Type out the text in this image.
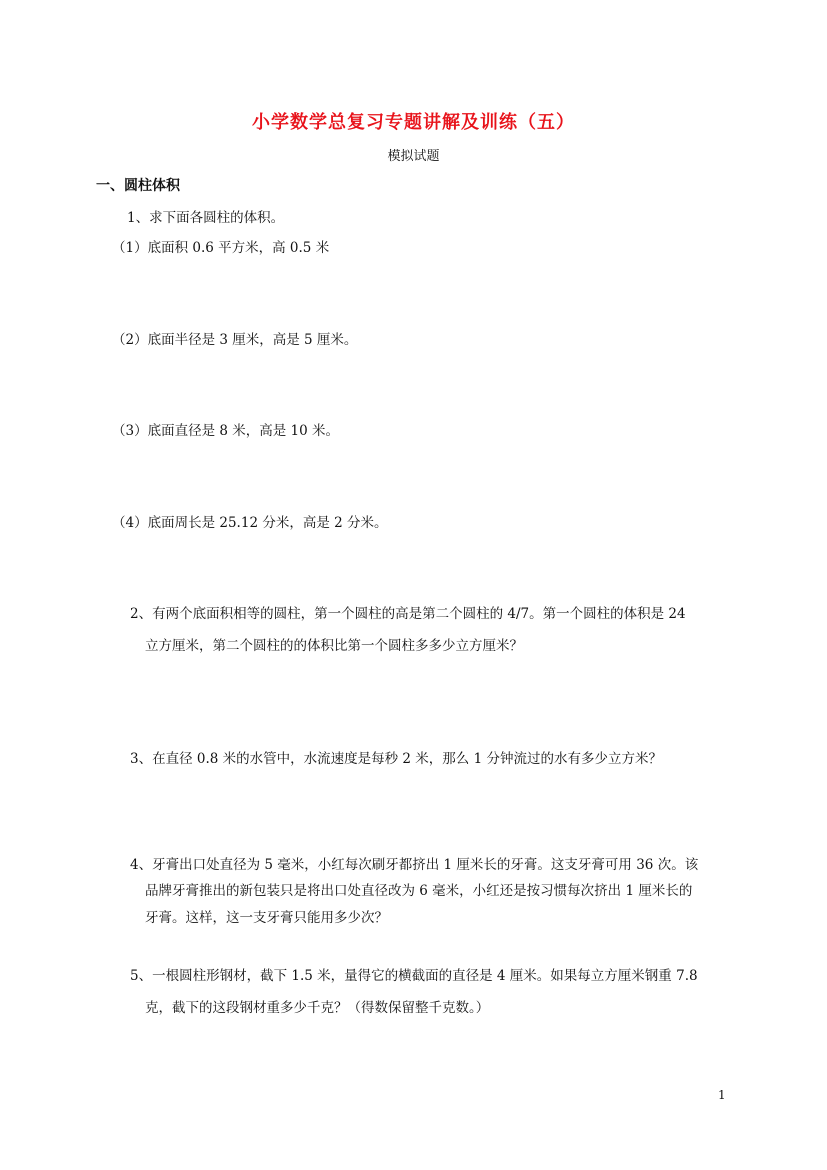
小学数学总复习专题讲解及训练（五）
模拟试题
一、圆柱体积
1、求下面各圆柱的体积。
（1）底面积 0.6 平方米，高 0.5 米
（2）底面半径是 3 厘米，高是 5 厘米。
（3）底面直径是 8 米，高是 10 米。
（4）底面周长是 25.12 分米，高是 2 分米。
2、有两个底面积相等的圆柱，第一个圆柱的高是第二个圆柱的 4/7。第一个圆柱的体积是 24
立方厘米，第二个圆柱的的体积比第一个圆柱多多少立方厘米？
3、在直径 0.8 米的水管中，水流速度是每秒 2 米，那么 1 分钟流过的水有多少立方米？
4、牙膏出口处直径为 5 毫米，小红每次刷牙都挤出 1 厘米长的牙膏。这支牙膏可用 36 次。该
品牌牙膏推出的新包装只是将出口处直径改为 6 毫米，小红还是按习惯每次挤出 1 厘米长的
牙膏。这样，这一支牙膏只能用多少次？
5、一根圆柱形钢材，截下 1.5 米，量得它的横截面的直径是 4 厘米。如果每立方厘米钢重 7.8
克，截下的这段钢材重多少千克？（得数保留整千克数。）
1
